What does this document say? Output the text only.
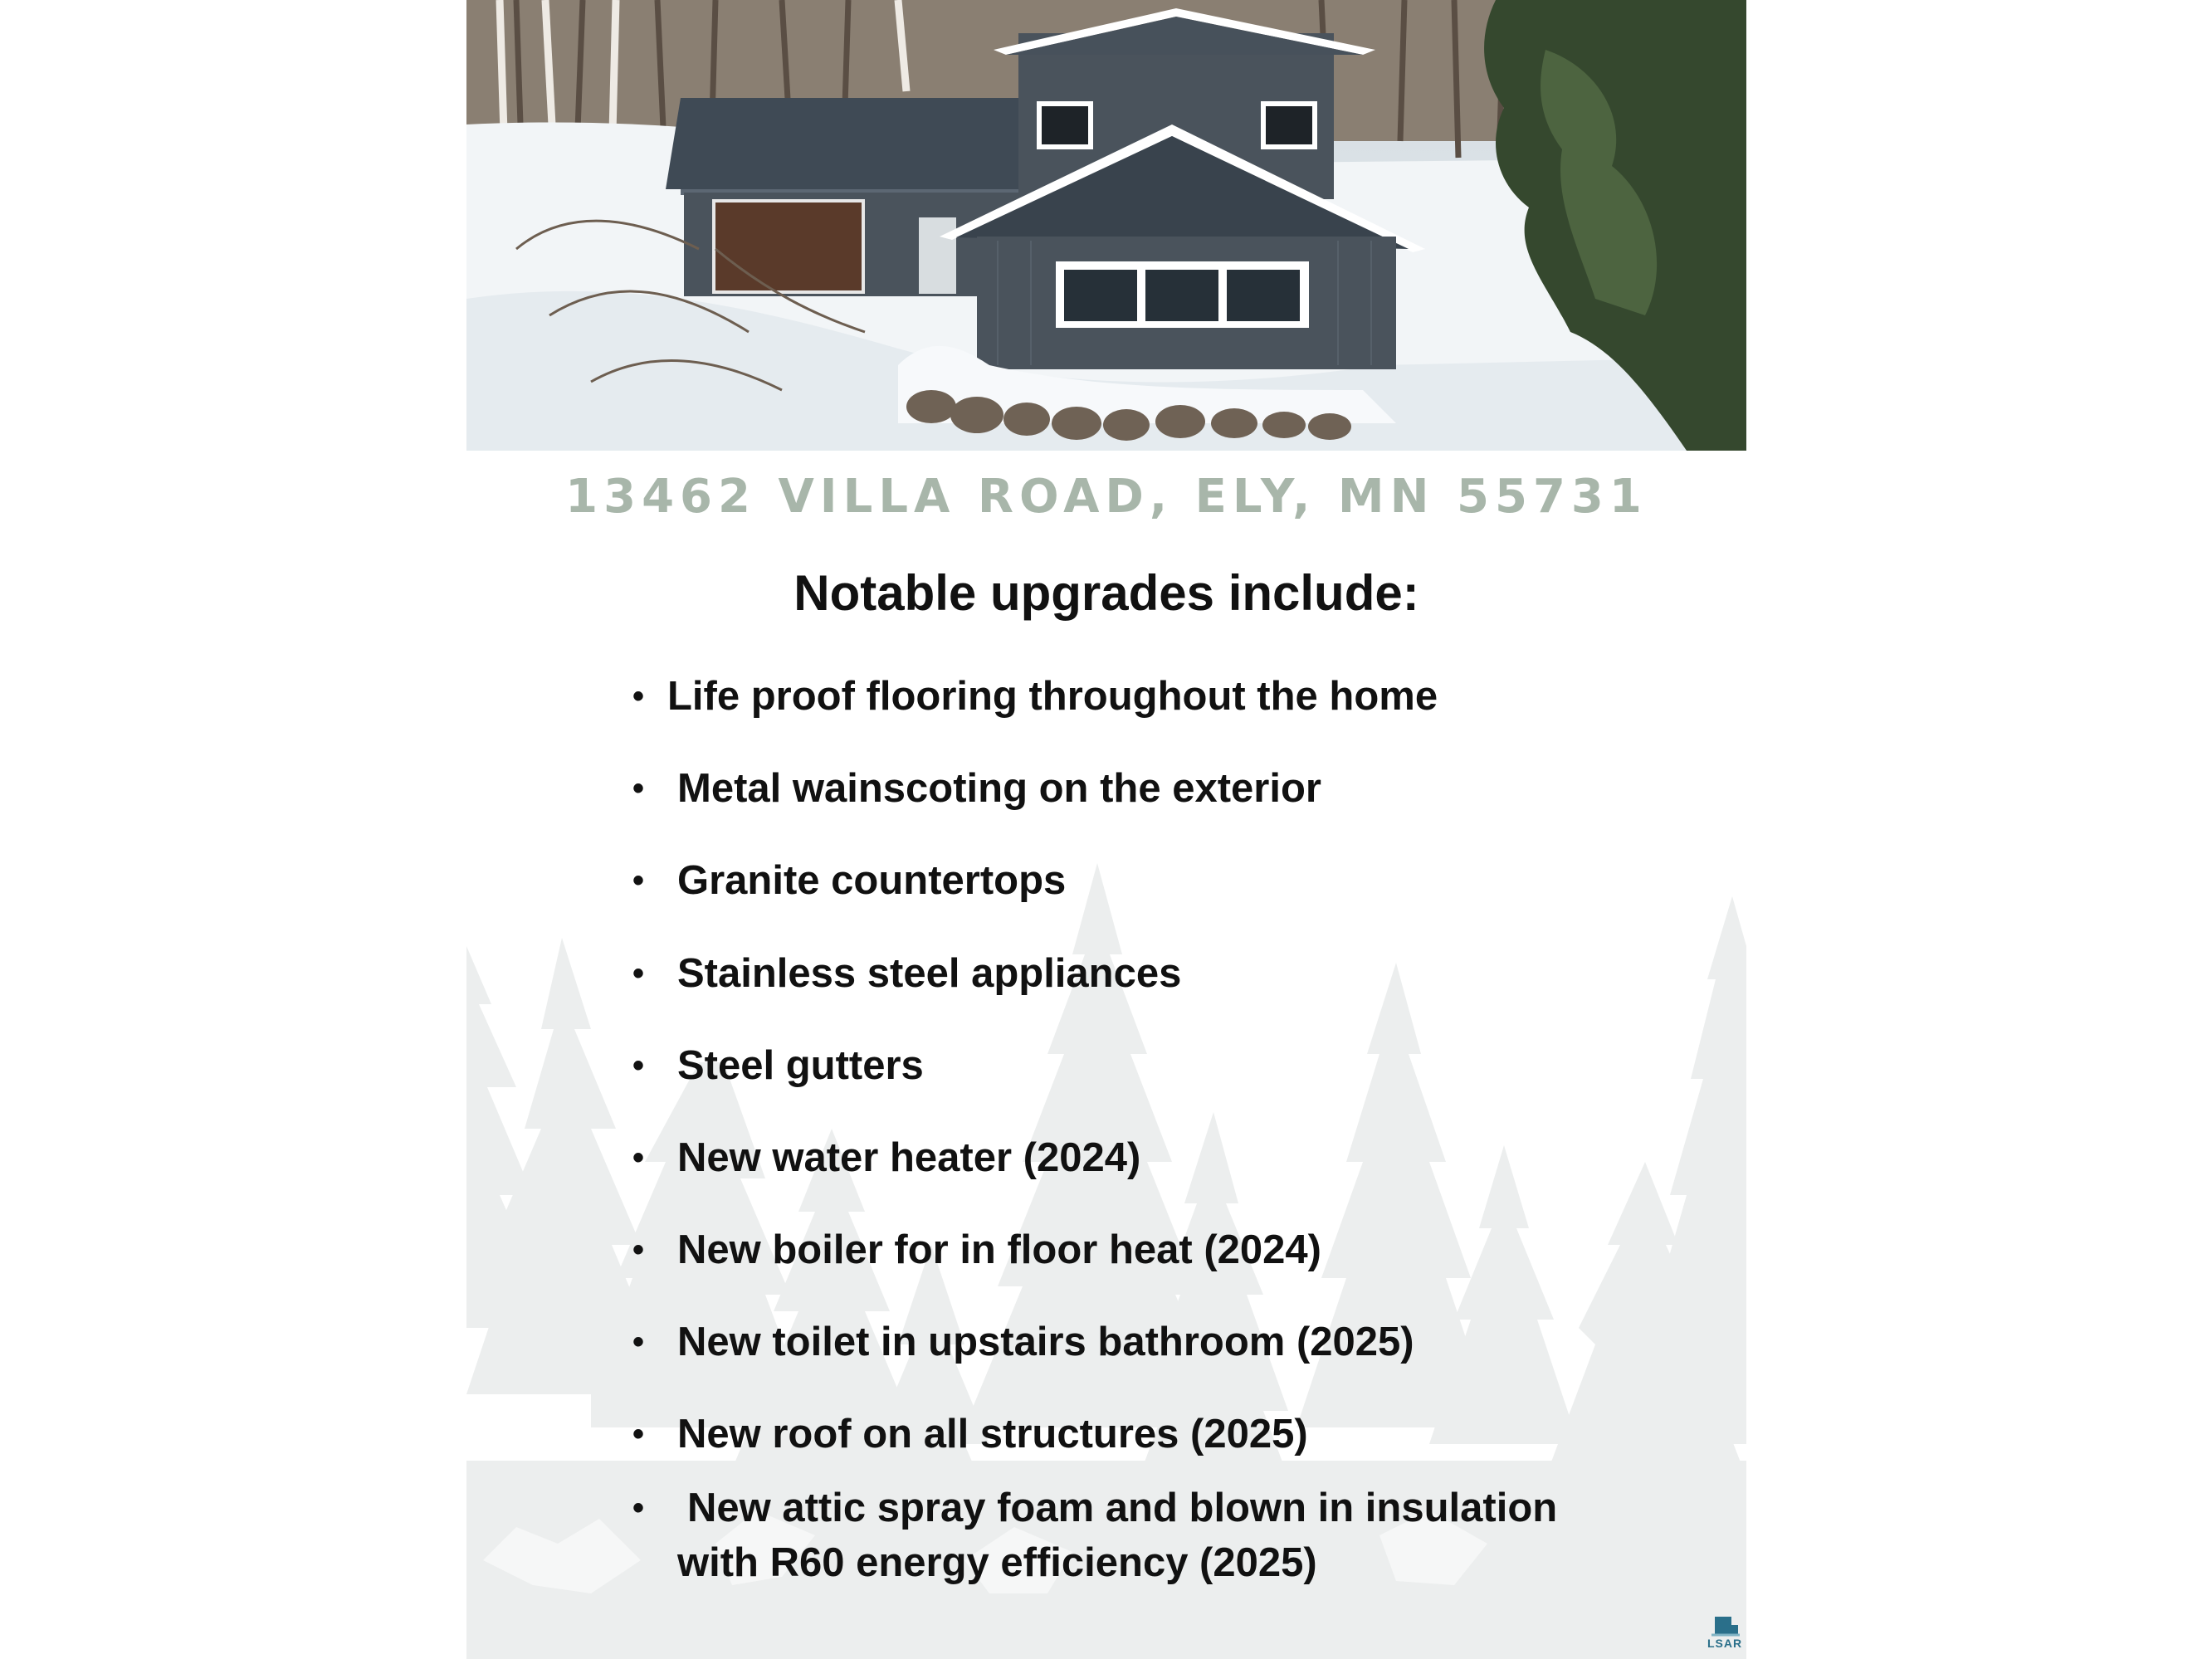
13462 VILLA ROAD, ELY, MN 55731
Notable upgrades include:
• Life proof flooring throughout the home
• Metal wainscoting on the exterior
• Granite countertops
• Stainless steel appliances
• Steel gutters
• New water heater (2024)
• New boiler for in floor heat (2024)
• New toilet in upstairs bathroom (2025)
• New roof on all structures (2025)
•	New attic spray foam and blown in insulation with R60 energy efficiency (2025)
LSAR
